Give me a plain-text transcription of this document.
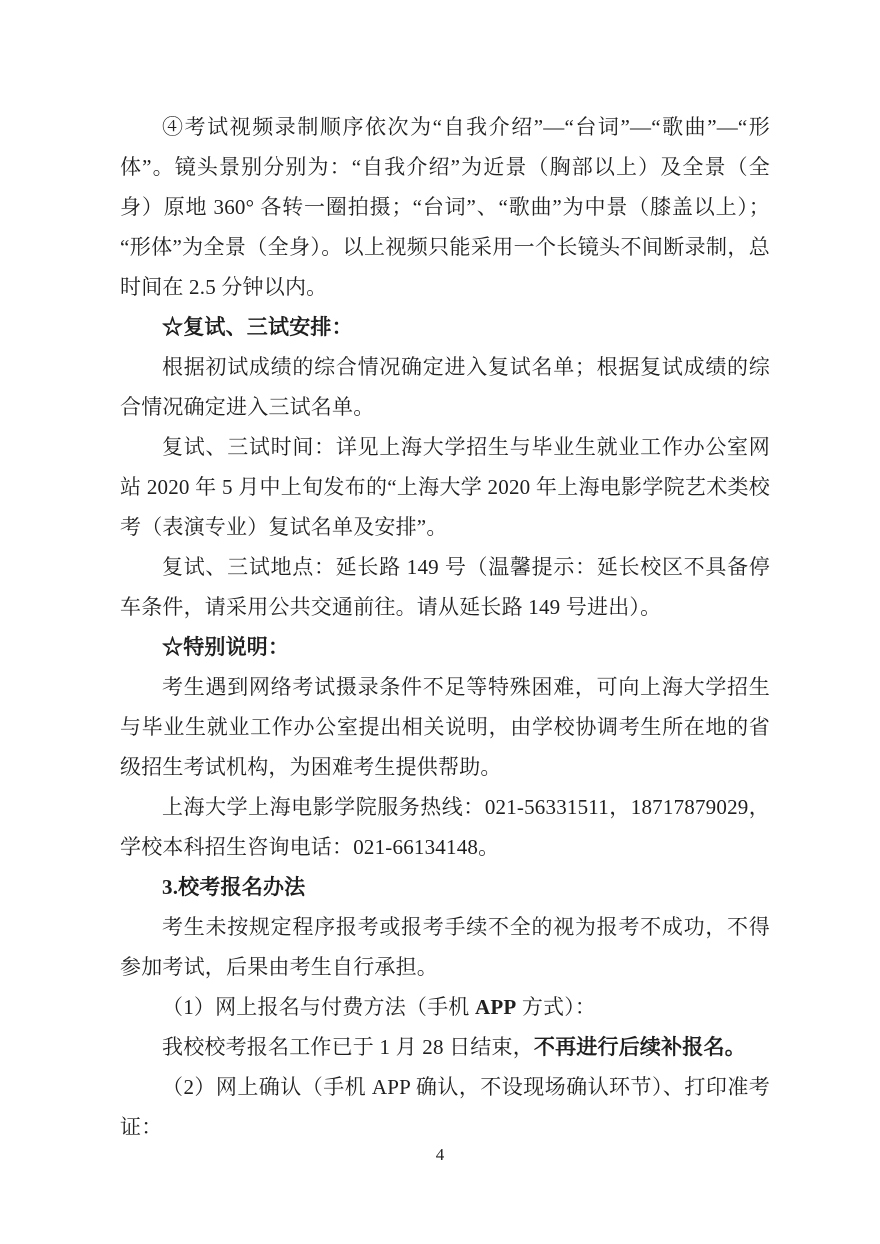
④考试视频录制顺序依次为“自我介绍”—“台词”—“歌曲”—“形体”。镜头景别分别为：“自我介绍”为近景（胸部以上）及全景（全身）原地 360° 各转一圈拍摄；“台词”、“歌曲”为中景（膝盖以上）；“形体”为全景（全身）。以上视频只能采用一个长镜头不间断录制，总时间在 2.5 分钟以内。

☆复试、三试安排：

根据初试成绩的综合情况确定进入复试名单；根据复试成绩的综合情况确定进入三试名单。

复试、三试时间：详见上海大学招生与毕业生就业工作办公室网站 2020 年 5 月中上旬发布的“上海大学 2020 年上海电影学院艺术类校考（表演专业）复试名单及安排”。

复试、三试地点：延长路 149 号（温馨提示：延长校区不具备停车条件，请采用公共交通前往。请从延长路 149 号进出）。

☆特别说明：

考生遇到网络考试摄录条件不足等特殊困难，可向上海大学招生与毕业生就业工作办公室提出相关说明，由学校协调考生所在地的省级招生考试机构，为困难考生提供帮助。

上海大学上海电影学院服务热线：021-56331511，18717879029，学校本科招生咨询电话：021-66134148。

3.校考报名办法

考生未按规定程序报考或报考手续不全的视为报考不成功，不得参加考试，后果由考生自行承担。

（1）网上报名与付费方法（手机 APP 方式）：

我校校考报名工作已于 1 月 28 日结束，不再进行后续补报名。

（2）网上确认（手机 APP 确认，不设现场确认环节）、打印准考证：

4
